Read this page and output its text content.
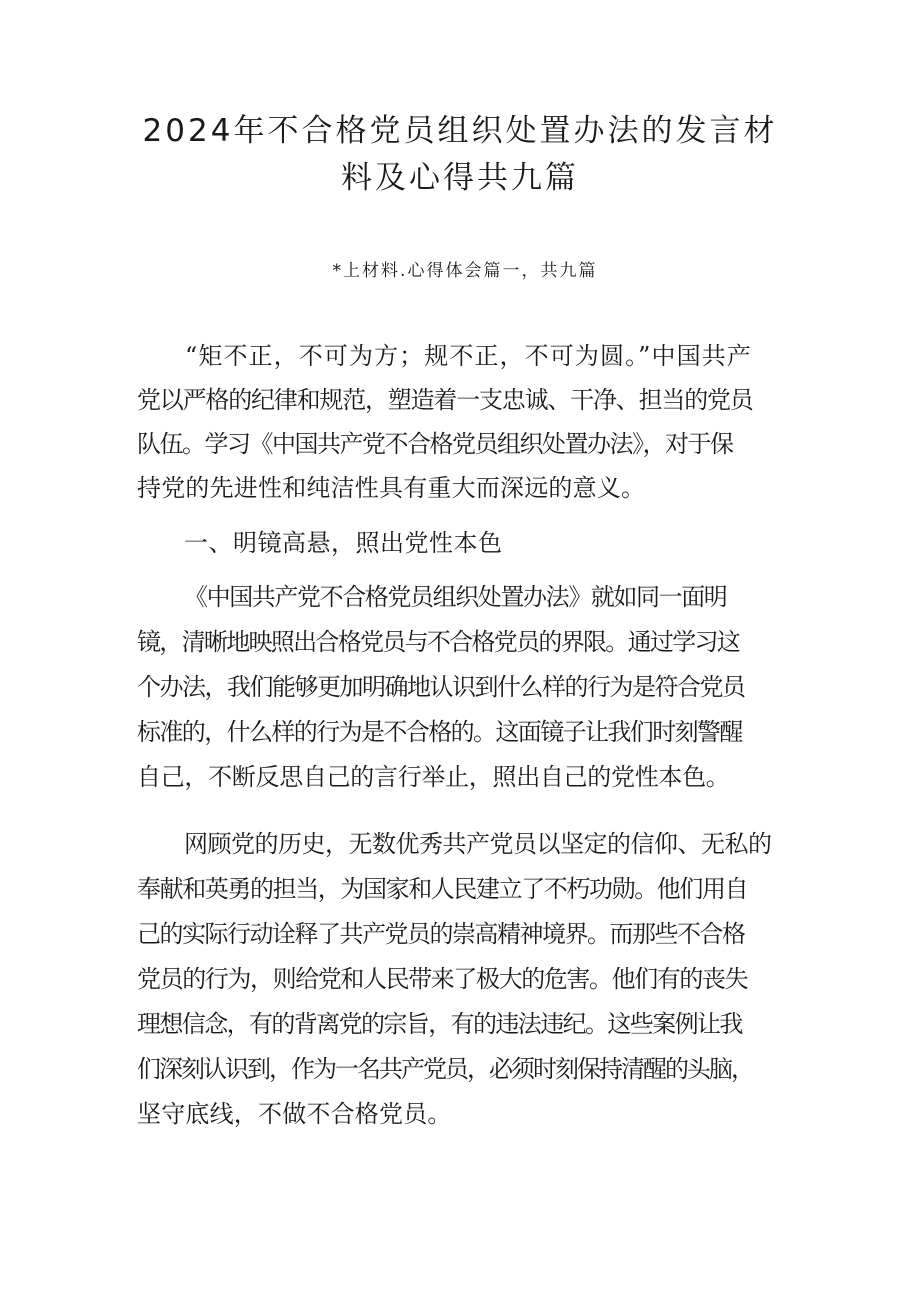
2024年不合格党员组织处置办法的发言材
料及心得共九篇
*上材料.心得体会篇一，共九篇
“矩不正，不可为方；规不正，不可为圆。”中国共产
党以严格的纪律和规范，塑造着一支忠诚、干净、担当的党员
队伍。学习《中国共产党不合格党员组织处置办法》，对于保
持党的先进性和纯洁性具有重大而深远的意义。
一、明镜高悬，照出党性本色
《中国共产党不合格党员组织处置办法》就如同一面明
镜，清晰地映照出合格党员与不合格党员的界限。通过学习这
个办法，我们能够更加明确地认识到什么样的行为是符合党员
标准的，什么样的行为是不合格的。这面镜子让我们时刻警醒
自己，不断反思自己的言行举止，照出自己的党性本色。
网顾党的历史，无数优秀共产党员以坚定的信仰、无私的
奉献和英勇的担当，为国家和人民建立了不朽功勋。他们用自
己的实际行动诠释了共产党员的崇高精神境界。而那些不合格
党员的行为，则给党和人民带来了极大的危害。他们有的丧失
理想信念，有的背离党的宗旨，有的违法违纪。这些案例让我
们深刻认识到，作为一名共产党员，必须时刻保持清醒的头脑，
坚守底线，不做不合格党员。
